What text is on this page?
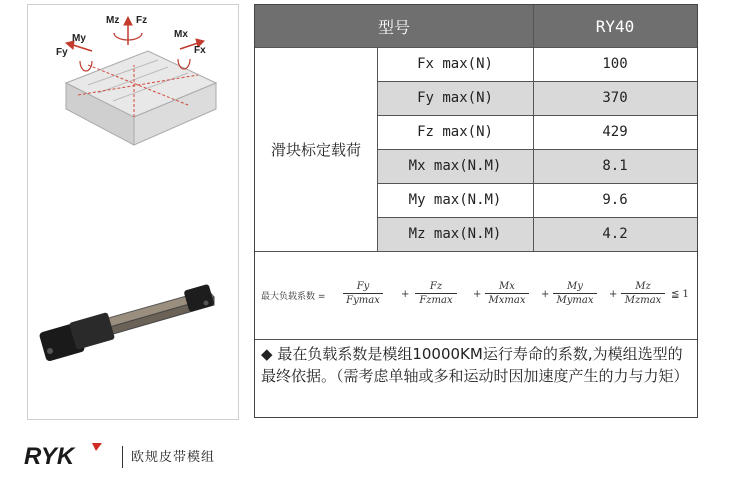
Mz Fz
My	Mx
Fy	Fx
型号	RY40
滑块标定载荷
Fx max(N)	100
Fy max(N)	370
Fz max(N)	429
Mx max(N.M)	8.1
My max(N.M)	9.6
Mz max(N.M)	4.2
最大负载系数 =
Fy
Fymax
+
Fz
Fzmax
+
Mx
Mxmax
+
My
Mymax
+
Mz
Mzmax
≦ 1
◆ 最在负载系数是模组10000KM运行寿命的系数,为模组选型的最终依据。（需考虑单轴或多和运动时因加速度产生的力与力矩）
RYK	欧规皮带模组
